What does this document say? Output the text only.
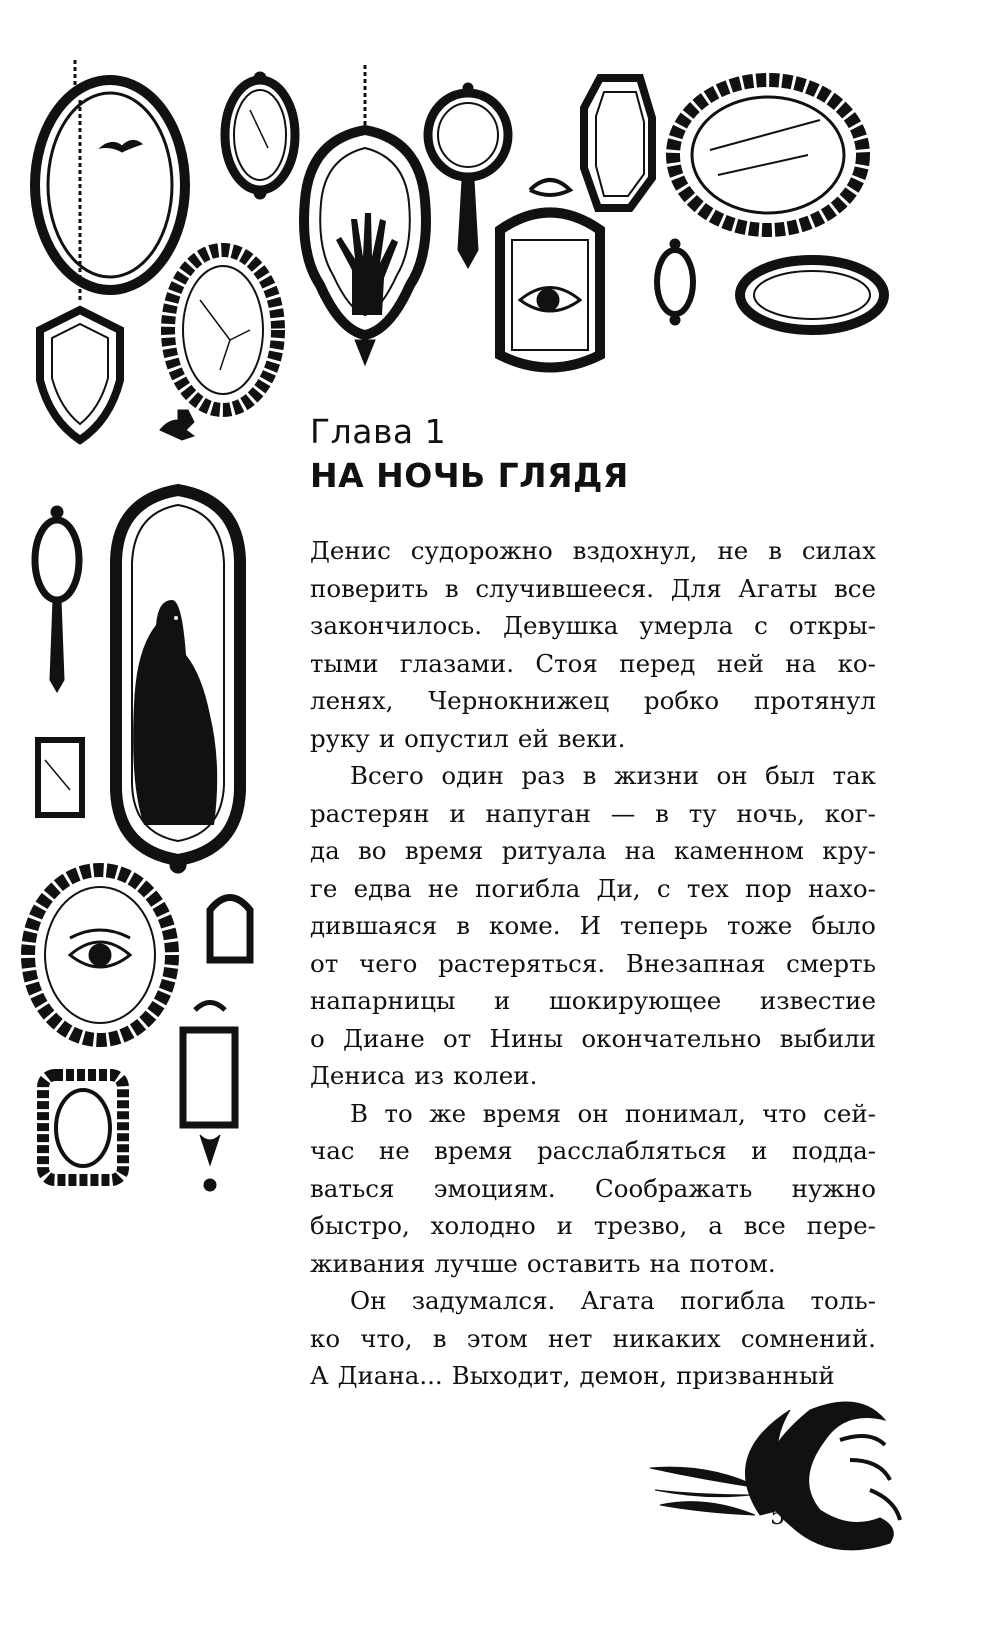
Глава 1
НА НОЧЬ ГЛЯДЯ
Денис судорожно вздохнул, не в силах
поверить в случившееся. Для Агаты все
закончилось. Девушка умерла с откры-
тыми глазами. Стоя перед ней на ко-
ленях, Чернокнижец робко протянул
руку и опустил ей веки.
Всего один раз в жизни он был так
растерян и напуган — в ту ночь, ког-
да во время ритуала на каменном кру-
ге едва не погибла Ди, с тех пор нахо-
дившаяся в коме. И теперь тоже было
от чего растеряться. Внезапная смерть
напарницы и шокирующее известие
о Диане от Нины окончательно выбили
Дениса из колеи.
В то же время он понимал, что сей-
час не время расслабляться и подда-
ваться эмоциям. Соображать нужно
быстро, холодно и трезво, а все пере-
живания лучше оставить на потом.
Он задумался. Агата погибла толь-
ко что, в этом нет никаких сомнений.
А Диана... Выходит, демон, призванный
5
